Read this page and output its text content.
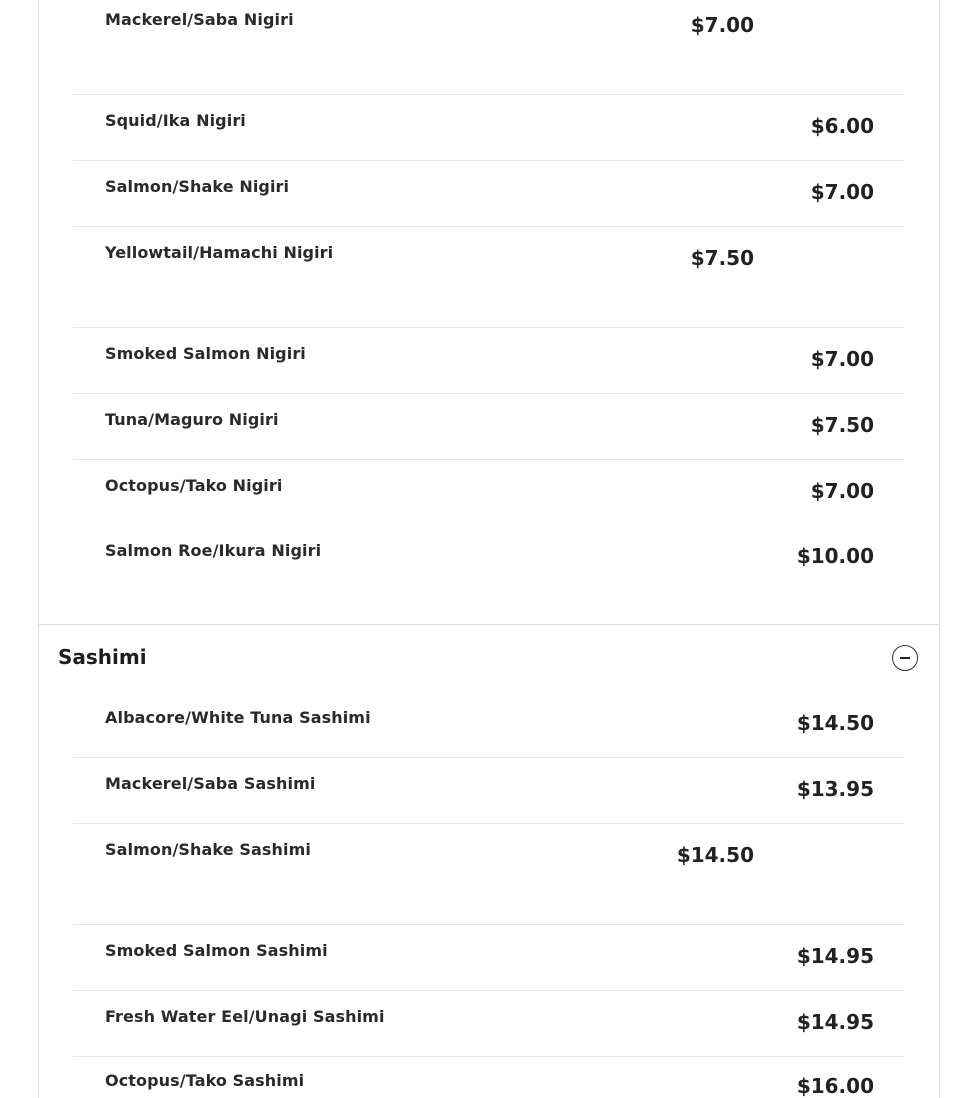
Mackerel/Saba Nigiri	$7.00
Squid/Ika Nigiri	$6.00
Salmon/Shake Nigiri	$7.00
Yellowtail/Hamachi Nigiri	$7.50
Smoked Salmon Nigiri	$7.00
Tuna/Maguro Nigiri	$7.50
Octopus/Tako Nigiri	$7.00
Salmon Roe/Ikura Nigiri	$10.00
Sashimi
Albacore/White Tuna Sashimi	$14.50
Mackerel/Saba Sashimi	$13.95
Salmon/Shake Sashimi	$14.50
Smoked Salmon Sashimi	$14.95
Fresh Water Eel/Unagi Sashimi	$14.95
Octopus/Tako Sashimi	$16.00
